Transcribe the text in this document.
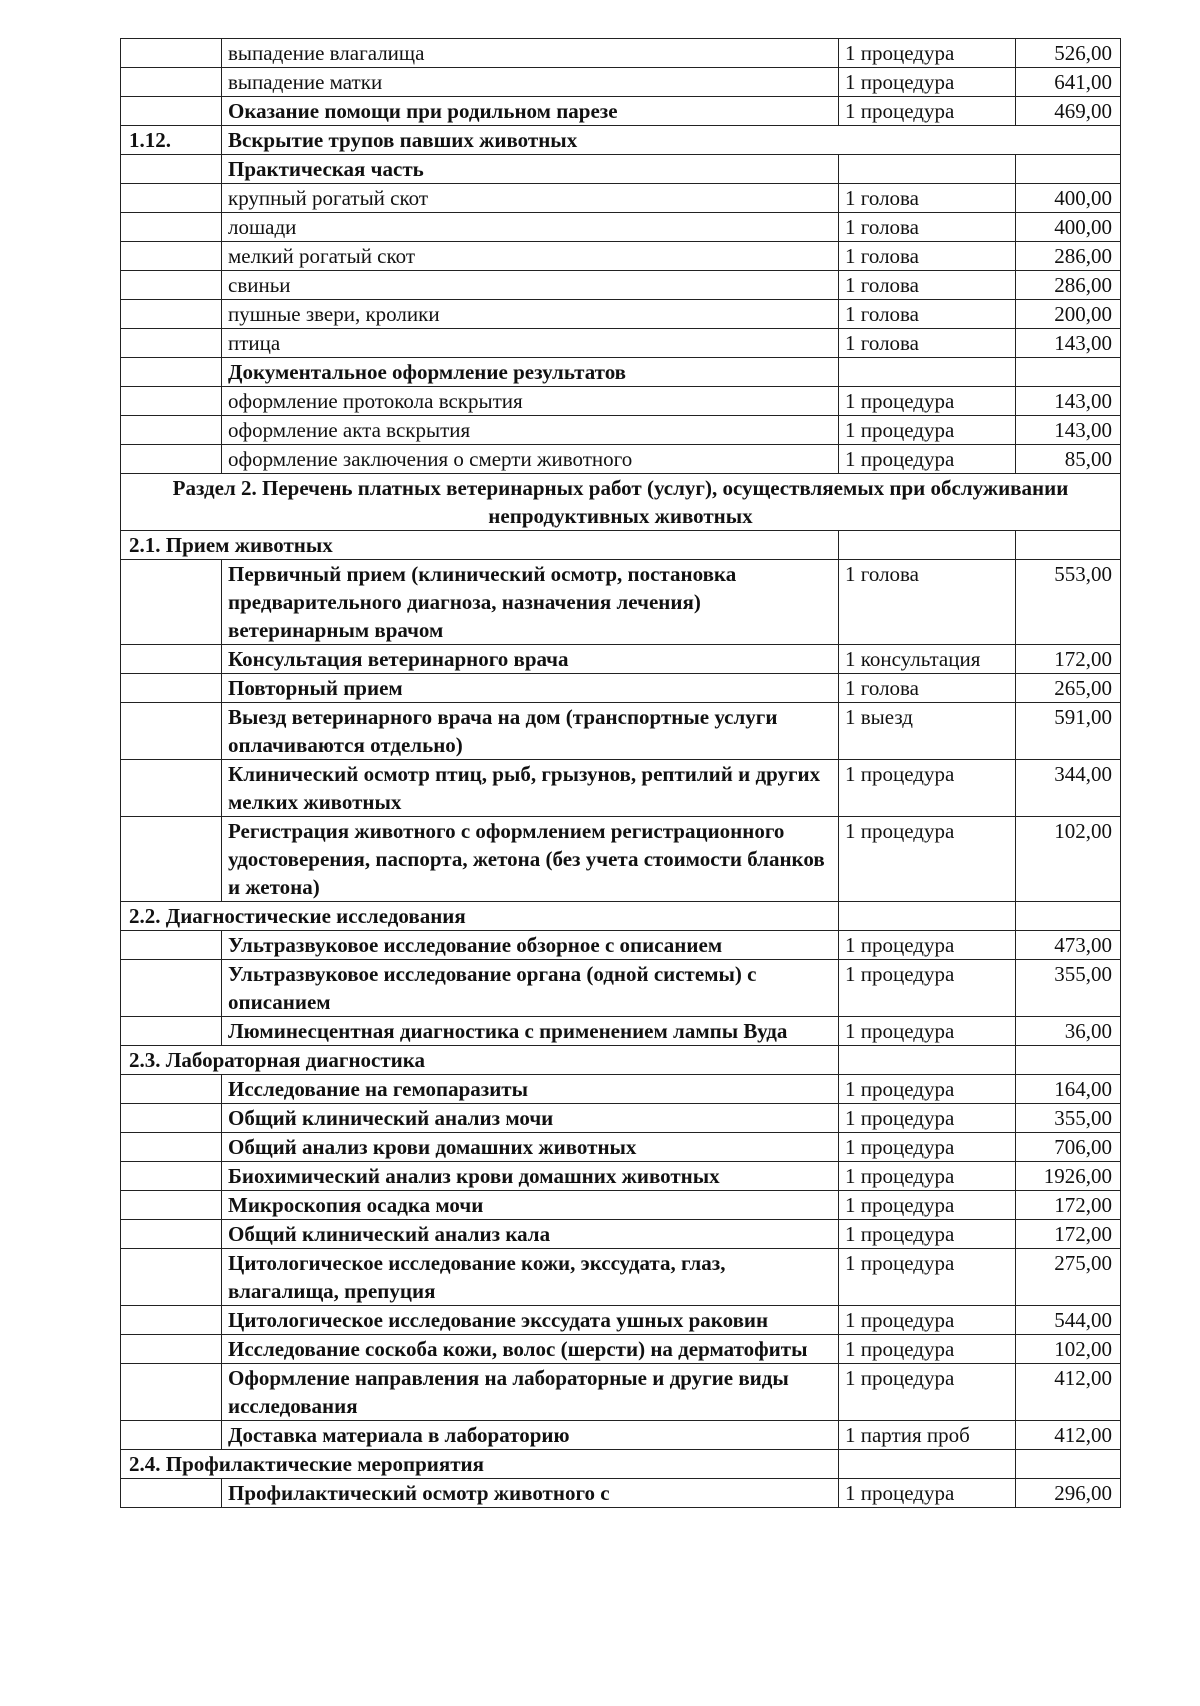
	выпадение влагалища	1 процедура	526,00
	выпадение матки	1 процедура	641,00
	Оказание помощи при родильном парезе	1 процедура	469,00
1.12.	Вскрытие трупов павших животных		
	Практическая часть		
	крупный рогатый скот	1 голова	400,00
	лошади	1 голова	400,00
	мелкий рогатый скот	1 голова	286,00
	свиньи	1 голова	286,00
	пушные звери, кролики	1 голова	200,00
	птица	1 голова	143,00
	Документальное оформление результатов		
	оформление протокола вскрытия	1 процедура	143,00
	оформление акта вскрытия	1 процедура	143,00
	оформление заключения о смерти животного	1 процедура	85,00
Раздел 2. Перечень платных ветеринарных работ (услуг), осуществляемых при обслуживании непродуктивных животных			
2.1. Прием животных			
	Первичный прием (клинический осмотр, постановка предварительного диагноза, назначения лечения) ветеринарным врачом	1 голова	553,00
	Консультация ветеринарного врача	1 консультация	172,00
	Повторный прием	1 голова	265,00
	Выезд ветеринарного врача на дом (транспортные услуги оплачиваются отдельно)	1 выезд	591,00
	Клинический осмотр птиц, рыб, грызунов, рептилий и других мелких животных	1 процедура	344,00
	Регистрация животного с оформлением регистрационного удостоверения, паспорта, жетона (без учета стоимости бланков и жетона)	1 процедура	102,00
2.2. Диагностические исследования			
	Ультразвуковое исследование обзорное с описанием	1 процедура	473,00
	Ультразвуковое исследование органа (одной системы) с описанием	1 процедура	355,00
	Люминесцентная диагностика с применением лампы Вуда	1 процедура	36,00
2.3. Лабораторная диагностика			
	Исследование на гемопаразиты	1 процедура	164,00
	Общий клинический анализ мочи	1 процедура	355,00
	Общий анализ крови домашних животных	1 процедура	706,00
	Биохимический анализ крови домашних животных	1 процедура	1926,00
	Микроскопия осадка мочи	1 процедура	172,00
	Общий клинический анализ кала	1 процедура	172,00
	Цитологическое исследование кожи, экссудата, глаз, влагалища, препуция	1 процедура	275,00
	Цитологическое исследование экссудата ушных раковин	1 процедура	544,00
	Исследование соскоба кожи, волос (шерсти) на дерматофиты	1 процедура	102,00
	Оформление направления на лабораторные и другие виды исследования	1 процедура	412,00
	Доставка материала в лабораторию	1 партия проб	412,00
2.4. Профилактические мероприятия			
	Профилактический осмотр животного с	1 процедура	296,00
